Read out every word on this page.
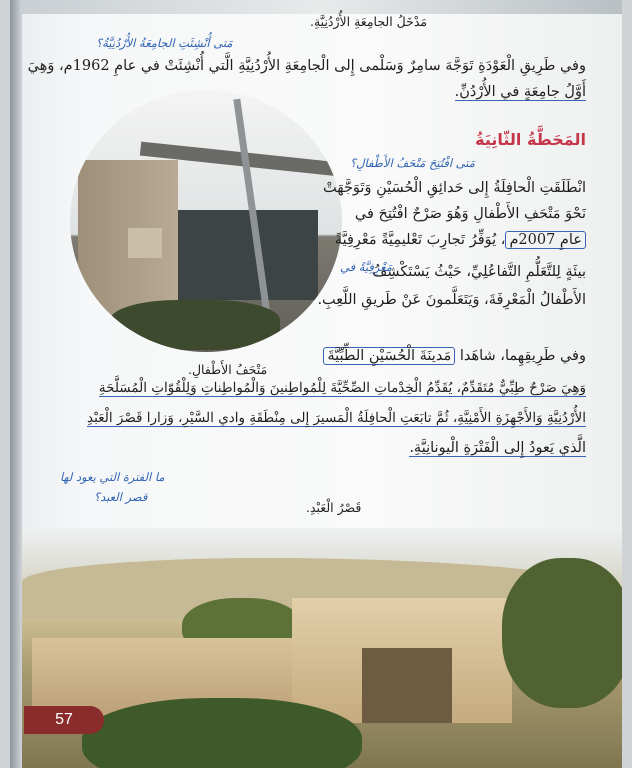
مَدْخَلُ الجامِعَةِ الأُرْدُنِيَّةِ.
مَتى أُنْشِئَتِ الجامِعَةُ الأُرْدُنِيَّةُ؟
وفي طَرِيقِ الْعَوْدَةِ تَوَجَّهَ سامِرٌ وَسَلْمى إِلى الْجامِعَةِ الأُرْدُنِيَّةِ الَّتي أُنْشِئَتْ في عامِ 1962م، وَهِيَ
أَوَّلُ جامِعَةٍ في الأُرْدُنِّ.
المَحَطَّةُ الثّانِيَةُ
مَتى افْتُتِحَ مَتْحَفُ الأَطْفالِ؟
انْطَلَقَتِ الْحافِلَةُ إِلى حَدائِقِ الْحُسَيْنِ وَتَوَجَّهَتْ
نَحْوَ مَتْحَفِ الأَطْفالِ وَهُوَ صَرْحٌ افْتُتِحَ في
عامِ 2007م، يُوَفِّرُ تَجارِبَ تَعْليمِيَّةً مَعْرِفِيَّةً
مَعْرِفِيَّةً في
بيئَةٍ لِلتَّعَلُّمِ التَّفاعُلِيِّ، حَيْثُ يَسْتَكْشِفُ
الأَطْفالُ الْمَعْرِفَةَ، وَيَتَعَلَّمونَ عَنْ طَريقِ اللَّعِبِ.
مَتْحَفُ الأَطْفالِ.
وفي طَرِيقِهِما، شاهَدا مَدينَةَ الْحُسَيْنِ الطِّبِّيَّةَ
وَهِيَ صَرْحٌ طِبِّيٌّ مُتَقَدِّمٌ، يُقَدِّمُ الْخِدْماتِ الصِّحِّيَّةَ لِلْمُواطِنينَ وَالْمُواطِناتِ وَلِلْقُوّاتِ الْمُسَلَّحَةِ
الأُرْدُنِيَّةِ وَالأَجْهِزَةِ الأَمْنِيَّةِ، ثُمَّ تابَعَتِ الْحافِلَةُ الْمَسيرَ إِلى مِنْطَقَةِ وادي السَّيْرِ، وَزارا قَصْرَ الْعَبْدِ
الَّذي يَعودُ إِلى الْفَتْرَةِ الْيونانِيَّةِ.
ما الفترة التي يعود لها
قصر العبد؟
قَصْرُ الْعَبْدِ.
57
